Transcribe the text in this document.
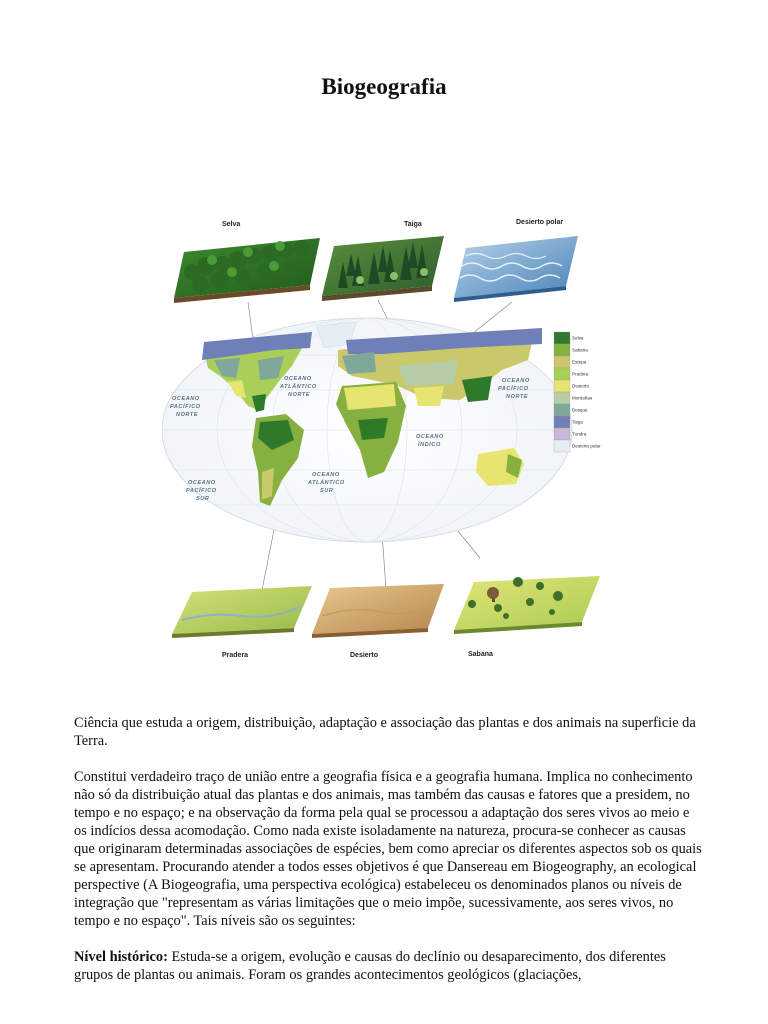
Biogeografia
Selva	Taiga	Desierto polar
OCEANO
ATLÂNTICO
NORTE
OCEANO
PACÍFICO
NORTE
OCEANO
PACÍFICO
NORTE
OCEANO
ÍNDICO
OCEANO
ATLÁNTICO
SUR
OCEANO
PACÍFICO
SUR
Selva
Sabana
Estepa
Pradera
Desierto
Montañas
Bosque
Taiga
Tundra
Desierto polar
Pradera	Desierto	Sabana

Ciência que estuda a origem, distribuição, adaptação e associação das plantas e dos animais na superficie da Terra.

Constitui verdadeiro traço de união entre a geografia física e a geografia humana. Implica no conhecimento não só da distribuição atual das plantas e dos animais, mas também das causas e fatores que a presidem, no tempo e no espaço; e na observação da forma pela qual se processou a adaptação dos seres vivos ao meio e os indícios dessa acomodação. Como nada existe isoladamente na natureza, procura-se conhecer as causas que originaram determinadas associações de espécies, bem como apreciar os diferentes aspectos sob os quais se apresentam. Procurando atender a todos esses objetivos é que Dansereau em Biogeography, an ecological perspective (A Biogeografia, uma perspectiva ecológica) estabeleceu os denominados planos ou níveis de integração que "representam as várias limitações que o meio impõe, sucessivamente, aos seres vivos, no tempo e no espaço". Tais níveis são os seguintes:

Nível histórico: Estuda-se a origem, evolução e causas do declínio ou desaparecimento, dos diferentes grupos de plantas ou animais. Foram os grandes acontecimentos geológicos (glaciações,
